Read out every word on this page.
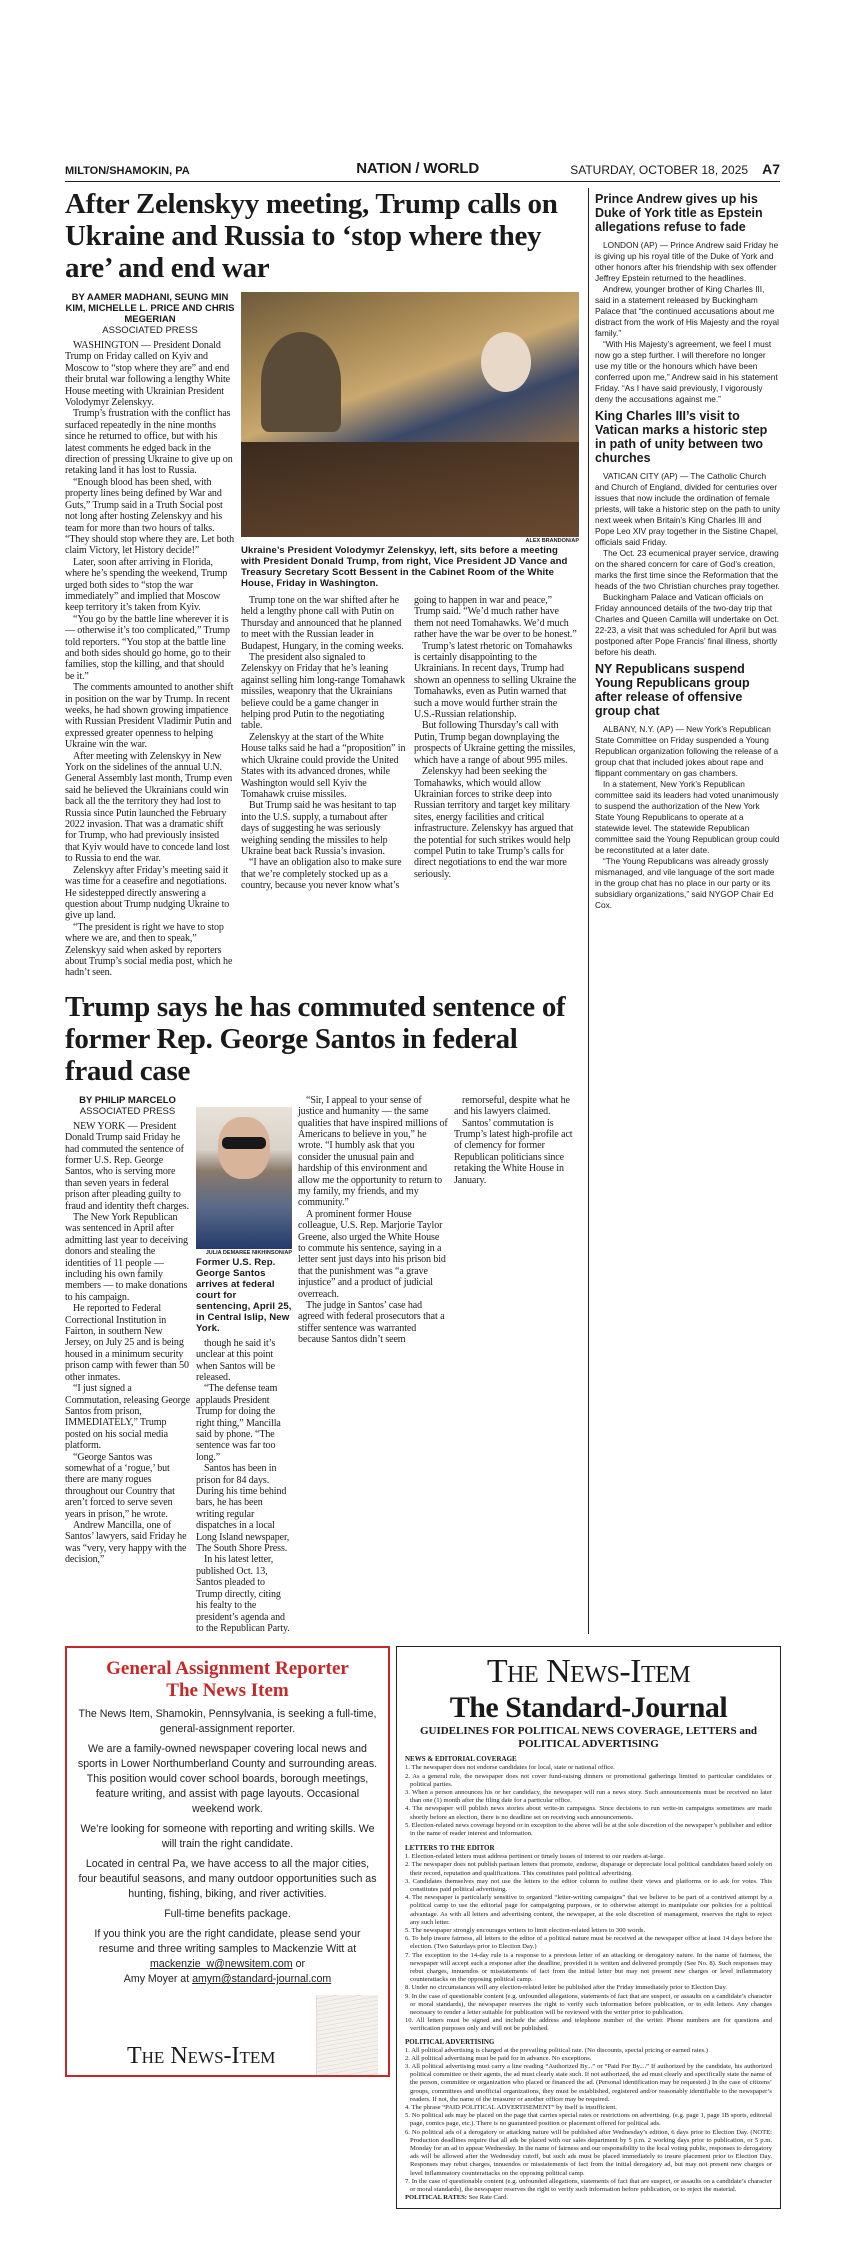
MILTON/SHAMOKIN, PA	NATION / WORLD	SATURDAY, OCTOBER 18, 2025 A7
After Zelenskyy meeting, Trump calls on Ukraine and Russia to ‘stop where they are’ and end war
BY AAMER MADHANI, SEUNG MIN KIM, MICHELLE L. PRICE AND CHRIS MEGERIAN
ASSOCIATED PRESS

WASHINGTON — President Donald Trump on Friday called on Kyiv and Moscow to “stop where they are” and end their brutal war following a lengthy White House meeting with Ukrainian President Volodymyr Zelenskyy.

Trump’s frustration with the conflict has surfaced repeatedly in the nine months since he returned to office, but with his latest comments he edged back in the direction of pressing Ukraine to give up on retaking land it has lost to Russia.

“Enough blood has been shed, with property lines being defined by War and Guts,” Trump said in a Truth Social post not long after hosting Zelenskyy and his team for more than two hours of talks. “They should stop where they are. Let both claim Victory, let History decide!”

Later, soon after arriving in Florida, where he’s spending the weekend, Trump urged both sides to “stop the war immediately” and implied that Moscow keep territory it’s taken from Kyiv.

“You go by the battle line wherever it is — otherwise it’s too complicated,” Trump told reporters. “You stop at the battle line and both sides should go home, go to their families, stop the killing, and that should be it.”

The comments amounted to another shift in position on the war by Trump. In recent weeks, he had shown growing impatience with Russian President Vladimir Putin and expressed greater openness to helping Ukraine win the war.

After meeting with Zelenskyy in New York on the sidelines of the annual U.N. General Assembly last month, Trump even said he believed the Ukrainians could win back all the the territory they had lost to Russia since Putin launched the February 2022 invasion. That was a dramatic shift for Trump, who had previously insisted that Kyiv would have to concede land lost to Russia to end the war.

Zelenskyy after Friday’s meeting said it was time for a ceasefire and negotiations. He sidestepped directly answering a question about Trump nudging Ukraine to give up land.

“The president is right we have to stop where we are, and then to speak,” Zelenskyy said when asked by reporters about Trump’s social media post, which he hadn’t seen.

ALEX BRANDON/AP
Ukraine’s President Volodymyr Zelenskyy, left, sits before a meeting with President Donald Trump, from right, Vice President JD Vance and Treasury Secretary Scott Bessent in the Cabinet Room of the White House, Friday in Washington.

Trump tone on the war shifted after he held a lengthy phone call with Putin on Thursday and announced that he planned to meet with the Russian leader in Budapest, Hungary, in the coming weeks.

The president also signaled to Zelenskyy on Friday that he’s leaning against selling him long-range Tomahawk missiles, weaponry that the Ukrainians believe could be a game changer in helping prod Putin to the negotiating table.

Zelenskyy at the start of the White House talks said he had a “proposition” in which Ukraine could provide the United States with its advanced drones, while Washington would sell Kyiv the Tomahawk cruise missiles.

But Trump said he was hesitant to tap into the U.S. supply, a turnabout after days of suggesting he was seriously weighing sending the missiles to help Ukraine beat back Russia’s invasion.

“I have an obligation also to make sure that we’re completely stocked up as a country, because you never know what’s going to happen in war and peace,” Trump said. “We’d much rather have them not need Tomahawks. We’d much rather have the war be over to be honest.”

Trump’s latest rhetoric on Tomahawks is certainly disappointing to the Ukrainians. In recent days, Trump had shown an openness to selling Ukraine the Tomahawks, even as Putin warned that such a move would further strain the U.S.-Russian relationship.

But following Thursday’s call with Putin, Trump began downplaying the prospects of Ukraine getting the missiles, which have a range of about 995 miles.

Zelenskyy had been seeking the Tomahawks, which would allow Ukrainian forces to strike deep into Russian territory and target key military sites, energy facilities and critical infrastructure. Zelenskyy has argued that the potential for such strikes would help compel Putin to take Trump’s calls for direct negotiations to end the war more seriously.

Trump says he has commuted sentence of former Rep. George Santos in federal fraud case
BY PHILIP MARCELO
ASSOCIATED PRESS

NEW YORK — President Donald Trump said Friday he had commuted the sentence of former U.S. Rep. George Santos, who is serving more than seven years in federal prison after pleading guilty to fraud and identity theft charges.

The New York Republican was sentenced in April after admitting last year to deceiving donors and stealing the identities of 11 people — including his own family members — to make donations to his campaign.

He reported to Federal Correctional Institution in Fairton, in southern New Jersey, on July 25 and is being housed in a minimum security prison camp with fewer than 50 other inmates.

“I just signed a Commutation, releasing George Santos from prison, IMMEDIATELY,” Trump posted on his social media platform.

“George Santos was somewhat of a ‘rogue,’ but there are many rogues throughout our Country that aren’t forced to serve seven years in prison,” he wrote.

Andrew Mancilla, one of Santos’ lawyers, said Friday he was “very, very happy with the decision,”

JULIA DEMAREE NIKHINSON/AP
Former U.S. Rep. George Santos arrives at federal court for sentencing, April 25, in Central Islip, New York.

though he said it’s unclear at this point when Santos will be released.

“The defense team applauds President Trump for doing the right thing,” Mancilla said by phone. “The sentence was far too long.”

Santos has been in prison for 84 days. During his time behind bars, he has been writing regular dispatches in a local Long Island newspaper, The South Shore Press.

In his latest letter, published Oct. 13, Santos pleaded to Trump directly, citing his fealty to the president’s agenda and to the Republican Party.

“Sir, I appeal to your sense of justice and humanity — the same qualities that have inspired millions of Americans to believe in you,” he wrote. “I humbly ask that you consider the unusual pain and hardship of this environment and allow me the opportunity to return to my family, my friends, and my community.”

A prominent former House colleague, U.S. Rep. Marjorie Taylor Greene, also urged the White House to commute his sentence, saying in a letter sent just days into his prison bid that the punishment was “a grave injustice” and a product of judicial overreach.

The judge in Santos’ case had agreed with federal prosecutors that a stiffer sentence was warranted because Santos didn’t seem

remorseful, despite what he and his lawyers claimed.

Santos’ commutation is Trump’s latest high-profile act of clemency for former Republican politicians since retaking the White House in January.

Prince Andrew gives up his Duke of York title as Epstein allegations refuse to fade

LONDON (AP) — Prince Andrew said Friday he is giving up his royal title of the Duke of York and other honors after his friendship with sex offender Jeffrey Epstein returned to the headlines.

Andrew, younger brother of King Charles III, said in a statement released by Buckingham Palace that “the continued accusations about me distract from the work of His Majesty and the royal family.”

“With His Majesty’s agreement, we feel I must now go a step further. I will therefore no longer use my title or the honours which have been conferred upon me,” Andrew said in his statement Friday. “As I have said previously, I vigorously deny the accusations against me.”

King Charles III’s visit to Vatican marks a historic step in path of unity between two churches

VATICAN CITY (AP) — The Catholic Church and Church of England, divided for centuries over issues that now include the ordination of female priests, will take a historic step on the path to unity next week when Britain’s King Charles III and Pope Leo XIV pray together in the Sistine Chapel, officials said Friday.

The Oct. 23 ecumenical prayer service, drawing on the shared concern for care of God’s creation, marks the first time since the Reformation that the heads of the two Christian churches pray together.

Buckingham Palace and Vatican officials on Friday announced details of the two-day trip that Charles and Queen Camilla will undertake on Oct. 22-23, a visit that was scheduled for April but was postponed after Pope Francis’ final illness, shortly before his death.

NY Republicans suspend Young Republicans group after release of offensive group chat

ALBANY, N.Y. (AP) — New York’s Republican State Committee on Friday suspended a Young Republican organization following the release of a group chat that included jokes about rape and flippant commentary on gas chambers.

In a statement, New York’s Republican committee said its leaders had voted unanimously to suspend the authorization of the New York State Young Republicans to operate at a statewide level. The statewide Republican committee said the Young Republican group could be reconstituted at a later date.

“The Young Republicans was already grossly mismanaged, and vile language of the sort made in the group chat has no place in our party or its subsidiary organizations,” said NYGOP Chair Ed Cox.

General Assignment Reporter
The News Item

The News Item, Shamokin, Pennsylvania, is seeking a full-time, general-assignment reporter.

We are a family-owned newspaper covering local news and sports in Lower Northumberland County and surrounding areas. This position would cover school boards, borough meetings, feature writing, and assist with page layouts. Occasional weekend work.

We’re looking for someone with reporting and writing skills. We will train the right candidate.

Located in central Pa, we have access to all the major cities, four beautiful seasons, and many outdoor opportunities such as hunting, fishing, biking, and river activities.

Full-time benefits package.

If you think you are the right candidate, please send your resume and three writing samples to Mackenzie Witt at mackenzie_w@newsitem.com or
Amy Moyer at amym@standard-journal.com

The News-Item
The News-Item
The Standard-Journal
GUIDELINES FOR POLITICAL NEWS COVERAGE, LETTERS and POLITICAL ADVERTISING
NEWS & EDITORIAL COVERAGE

1. The newspaper does not endorse candidates for local, state or national office.

2. As a general rule, the newspaper does not cover fund-raising dinners or promotional gatherings limited to particular candidates or political parties.

3. When a person announces his or her candidacy, the newspaper will run a news story. Such announcements must be received no later than one (1) month after the filing date for a particular office.

4. The newspaper will publish news stories about write-in campaigns. Since decisions to run write-in campaigns sometimes are made shortly before an election, there is no deadline set on receiving such announcements.

5. Election-related news coverage beyond or in exception to the above will be at the sole discretion of the newspaper’s publisher and editor in the name of reader interest and information.

LETTERS TO THE EDITOR

1. Election-related letters must address pertinent or timely issues of interest to our readers at-large.

2. The newspaper does not publish partisan letters that promote, endorse, disparage or depreciate local political candidates based solely on their record, reputation and qualifications. This constitutes paid political advertising.

3. Candidates themselves may not use the letters to the editor column to outline their views and platforms or to ask for votes. This constitutes paid political advertising.

4. The newspaper is particularly sensitive to organized “letter-writing campaigns” that we believe to be part of a contrived attempt by a political camp to use the editorial page for campaigning purposes, or to otherwise attempt to manipulate our policies for a political advantage. As with all letters and advertising content, the newspaper, at the sole discretion of management, reserves the right to reject any such letter.

5. The newspaper strongly encourages writers to limit election-related letters to 300 words.

6. To help insure fairness, all letters to the editor of a political nature must be received at the newspaper office at least 14 days before the election. (Two Saturdays prior to Election Day.)

7. The exception to the 14-day rule is a response to a previous letter of an attacking or derogatory nature. In the name of fairness, the newspaper will accept such a response after the deadline, provided it is written and delivered promptly (See No. 8). Such responses may rebut charges, innuendos or misstatements of fact from the initial letter but may not present new charges or level inflammatory counterattacks on the opposing political camp.

8. Under no circumstances will any election-related letter be published after the Friday immediately prior to Election Day.

9. In the case of questionable content (e.g. unfounded allegations, statements of fact that are suspect, or assaults on a candidate’s character or moral standards), the newspaper reserves the right to verify such information before publication, or to edit letters. Any changes necessary to render a letter suitable for publication will be reviewed with the writer prior to publication.

10. All letters must be signed and include the address and telephone number of the writer. Phone numbers are for questions and verification purposes only and will not be published.

POLITICAL ADVERTISING

1. All political advertising is charged at the prevailing political rate. (No discounts, special pricing or earned rates.)

2. All political advertising must be paid for in advance. No exceptions.

3. All political advertising must carry a line reading “Authorized By...” or “Paid For By....” If authorized by the candidate, his authorized political committee or their agents, the ad must clearly state such. If not authorized, the ad must clearly and specifically state the name of the person, committee or organization who placed or financed the ad. (Personal identification may be requested.) In the case of citizens’ groups, committees and unofficial organizations, they must be established, registered and/or reasonably identifiable to the newspaper’s readers. If not, the name of the treasurer or another officer may be required.

4. The phrase “PAID POLITICAL ADVERTISEMENT” by itself is insufficient.

5. No political ads may be placed on the page that carries special rates or restrictions on advertising. (e.g. page 1, page 1B sports, editorial page, comics page, etc.). There is no guaranteed position or placement offered for political ads.

6. No political ads of a derogatory or attacking nature will be published after Wednesday’s edition, 6 days prior to Election Day. (NOTE: Production deadlines require that all ads be placed with our sales department by 5 p.m. 2 working days prior to publication, or 5 p.m. Monday for an ad to appear Wednesday. In the name of fairness and our responsibility to the local voting public, responses to derogatory ads will be allowed after the Wednesday cutoff, but such ads must be placed immediately to insure placement prior to Election Day. Responses may rebut charges, innuendos or misstatements of fact from the initial derogatory ad, but may not present new charges or level inflammatory counterattacks on the opposing political camp.

7. In the case of questionable content (e.g. unfounded allegations, statements of fact that are suspect, or assaults on a candidate’s character or moral standards), the newspaper reserves the right to verify such information before publication, or to reject the material.

POLITICAL RATES: See Rate Card.
